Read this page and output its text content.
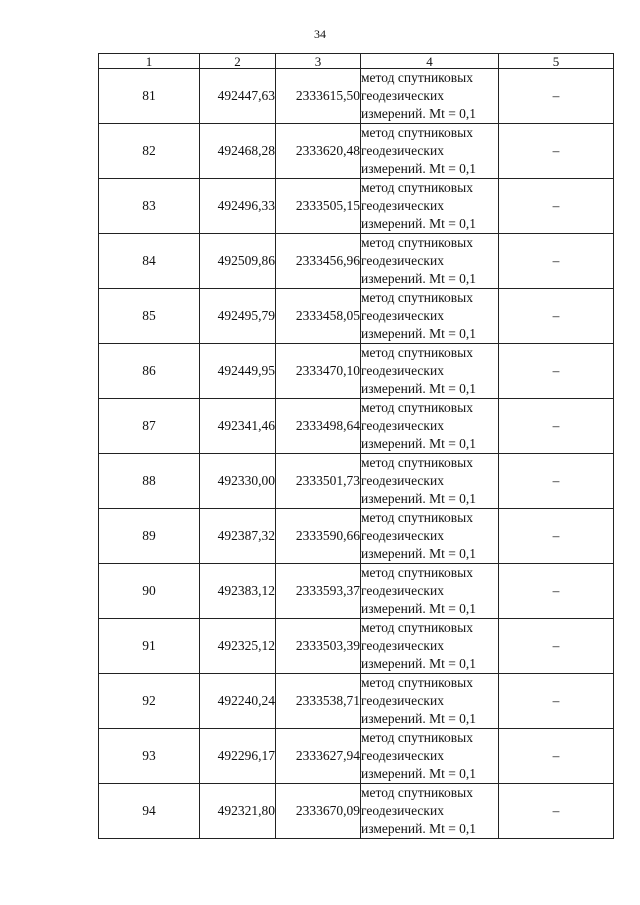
34
1	2	3	4	5
81	492447,63	2333615,50	метод спутниковых
геодезических
измерений. Mt = 0,1	–
82	492468,28	2333620,48	метод спутниковых
геодезических
измерений. Mt = 0,1	–
83	492496,33	2333505,15	метод спутниковых
геодезических
измерений. Mt = 0,1	–
84	492509,86	2333456,96	метод спутниковых
геодезических
измерений. Mt = 0,1	–
85	492495,79	2333458,05	метод спутниковых
геодезических
измерений. Mt = 0,1	–
86	492449,95	2333470,10	метод спутниковых
геодезических
измерений. Mt = 0,1	–
87	492341,46	2333498,64	метод спутниковых
геодезических
измерений. Mt = 0,1	–
88	492330,00	2333501,73	метод спутниковых
геодезических
измерений. Mt = 0,1	–
89	492387,32	2333590,66	метод спутниковых
геодезических
измерений. Mt = 0,1	–
90	492383,12	2333593,37	метод спутниковых
геодезических
измерений. Mt = 0,1	–
91	492325,12	2333503,39	метод спутниковых
геодезических
измерений. Mt = 0,1	–
92	492240,24	2333538,71	метод спутниковых
геодезических
измерений. Mt = 0,1	–
93	492296,17	2333627,94	метод спутниковых
геодезических
измерений. Mt = 0,1	–
94	492321,80	2333670,09	метод спутниковых
геодезических
измерений. Mt = 0,1	–
